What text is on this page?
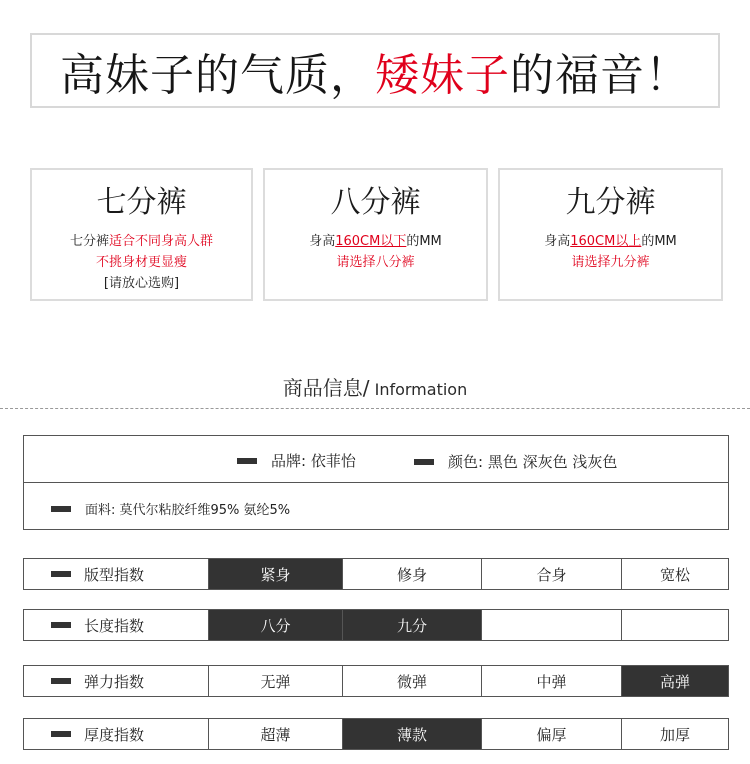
高妹子的气质， 矮妹子 的福音！
七分裤
七分裤适合不同身高人群
不挑身材更显瘦
[请放心选购]
八分裤
身高160CM以下的MM
请选择八分裤
九分裤
身高160CM以上的MM
请选择九分裤
商品信息/ Information
品牌: 依菲怡	颜色: 黑色 深灰色 浅灰色
面料: 莫代尔粘胶纤维95% 氨纶5%
版型指数	紧身	修身	合身	宽松
长度指数	八分	九分		
弹力指数	无弹	微弹	中弹	高弹
厚度指数	超薄	薄款	偏厚	加厚
